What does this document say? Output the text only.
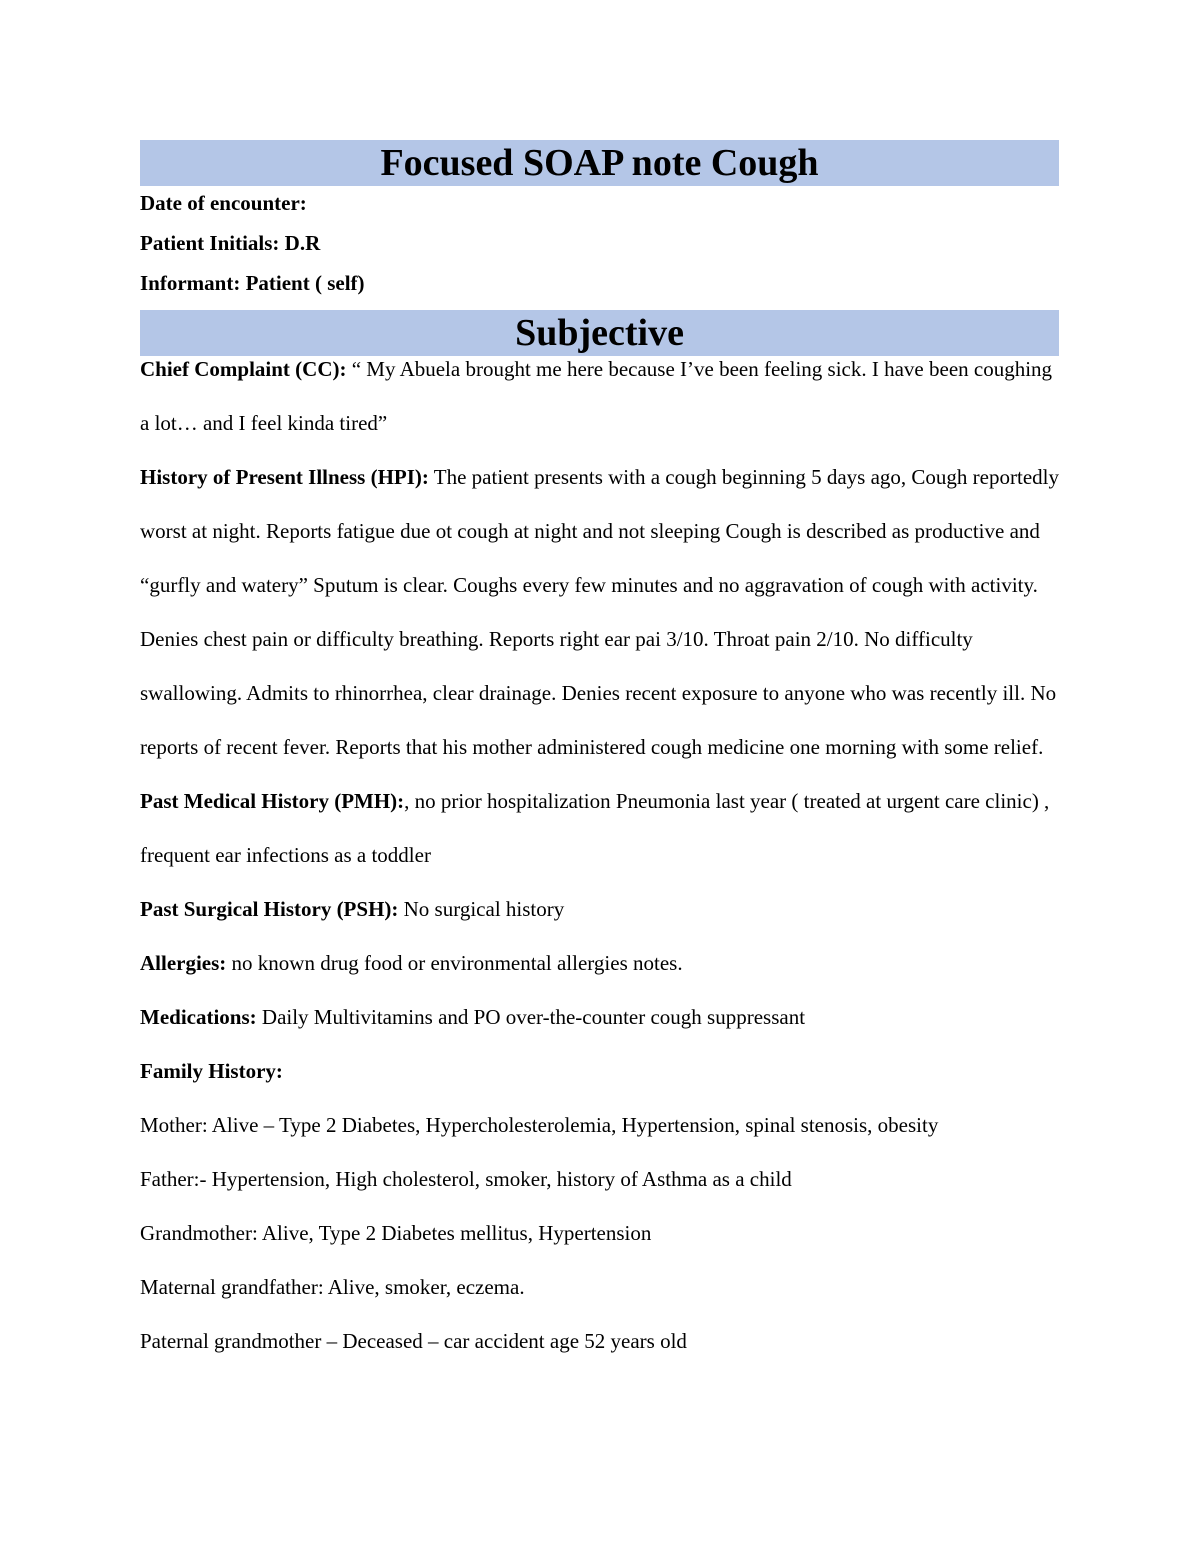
Focused SOAP note Cough
Date of encounter:
Patient Initials: D.R
Informant: Patient ( self)
Subjective

Chief Complaint (CC): “ My Abuela brought me here because I’ve been feeling sick. I have been coughing a lot… and I feel kinda tired”

History of Present Illness (HPI): The patient presents with a cough beginning 5 days ago, Cough reportedly worst at night. Reports fatigue due ot cough at night and not sleeping Cough is described as productive and “gurfly and watery” Sputum is clear. Coughs every few minutes and no aggravation of cough with activity. Denies chest pain or difficulty breathing. Reports right ear pai 3/10. Throat pain 2/10. No difficulty swallowing. Admits to rhinorrhea, clear drainage. Denies recent exposure to anyone who was recently ill. No reports of recent fever. Reports that his mother administered cough medicine one morning with some relief.

Past Medical History (PMH):, no prior hospitalization Pneumonia last year ( treated at urgent care clinic) , frequent ear infections as a toddler

Past Surgical History (PSH): No surgical history

Allergies: no known drug food or environmental allergies notes.

Medications: Daily Multivitamins and PO over-the-counter cough suppressant

Family History:

Mother: Alive – Type 2 Diabetes, Hypercholesterolemia, Hypertension, spinal stenosis, obesity

Father:- Hypertension, High cholesterol, smoker, history of Asthma as a child

Grandmother: Alive, Type 2 Diabetes mellitus, Hypertension

Maternal grandfather: Alive, smoker, eczema.

Paternal grandmother – Deceased – car accident age 52 years old
